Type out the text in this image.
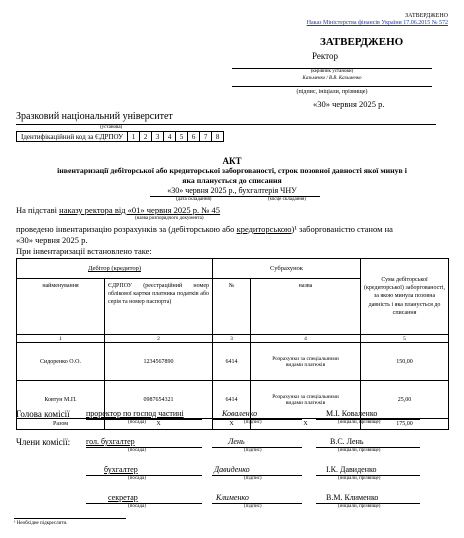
ЗАТВЕРДЖЕНО
Наказ Міністерства фінансів України 17.06.2015 № 572
ЗАТВЕРДЖЕНО
Ректор
(керівник установи)
Казьменко / В.В. Казьменко
(підпис, ініціали, прізвище)
«30» червня 2025 р.
Зразковий національний університет
(установа)
Ідентифікаційний код за ЄДРПОУ	1	2	3	4	5	6	7	8
АКТ
інвентаризації дебіторської або кредиторської заборгованості, строк позовної давності якої минув і
яка планується до списання
«30» червня 2025 р., бухгалтерія ЧНУ
(дата складання)	(місце складання)
На підставі наказу ректора від «01» червня 2025 р. № 45
(назва розпорядчого документа)
проведено інвентаризацію розрахунків за (дебіторською або кредиторською)¹ заборгованістю станом на
«30» червня 2025 р.
При інвентаризації встановлено таке:
Дебітор (кредитор)		Субрахунок		Сума дебіторської (кредиторської) заборгованості, за якою минула позовна давність і яка планується до списання
найменування	ЄДРПОУ (реєстраційний номер облікової картки платника податків або серія та номер паспорта)	№	назва	
1	2	3	4	5
Сидоренко О.О.	1234567890	6414	Розрахунки за спеціальними видами платежів	150,00
Ковтун М.П.	0987654321	6414	Розрахунки за спеціальними видами платежів	25,00
Разом	X	X	X	175,00
Голова комісії
Члени комісії:
проректор по господ частині	Коваленко	М.І. Коваленко
(посада)	(підпис)	(ініціали, прізвище)
гол. бухгалтер	Лень	В.С. Лень
(посада)	(підпис)	(ініціали, прізвище)
бухгалтер	Давиденко	І.К. Давиденко
(посада)	(підпис)	(ініціали, прізвище)
секретар	Клименко	В.М. Клименко
(посада)	(підпис)	(ініціали, прізвище)
¹ Необхідне підкреслити.
